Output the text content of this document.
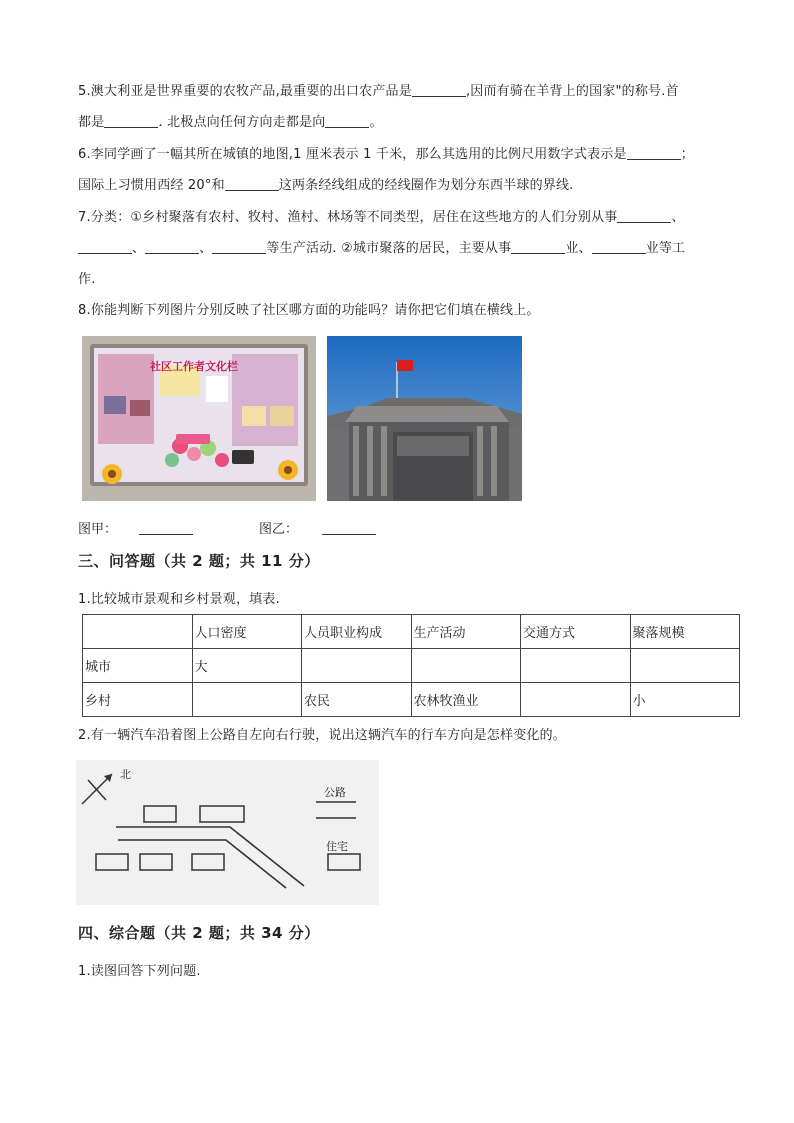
5.澳大利亚是世界重要的农牧产品,最重要的出口农产品是	,因而有骑在羊背上的国家"的称号.首
都是	. 北极点向任何方向走都是向	。
6.李同学画了一幅其所在城镇的地图,1 厘米表示 1 千米，那么其选用的比例尺用数字式表示是	；
国际上习惯用西经 20°和	这两条经线组成的经线圈作为划分东西半球的界线.
7.分类：①乡村聚落有农村、牧村、渔村、林场等不同类型，居住在这些地方的人们分别从事	、
、	、	等生产活动. ②城市聚落的居民，主要从事	业、	业等工
作.
8.你能判断下列图片分别反映了社区哪方面的功能吗？请你把它们填在横线上。
社区工作者文化栏
图甲：	图乙：
三、问答题（共 2 题；共 11 分）
1.比较城市景观和乡村景观，填表.
	人口密度	人员职业构成	生产活动	交通方式	聚落规模
城市	大				
乡村		农民	农林牧渔业		小
2.有一辆汽车沿着图上公路自左向右行驶，说出这辆汽车的行车方向是怎样变化的。
北
公路
住宅
四、综合题（共 2 题；共 34 分）
1.读图回答下列问题.
